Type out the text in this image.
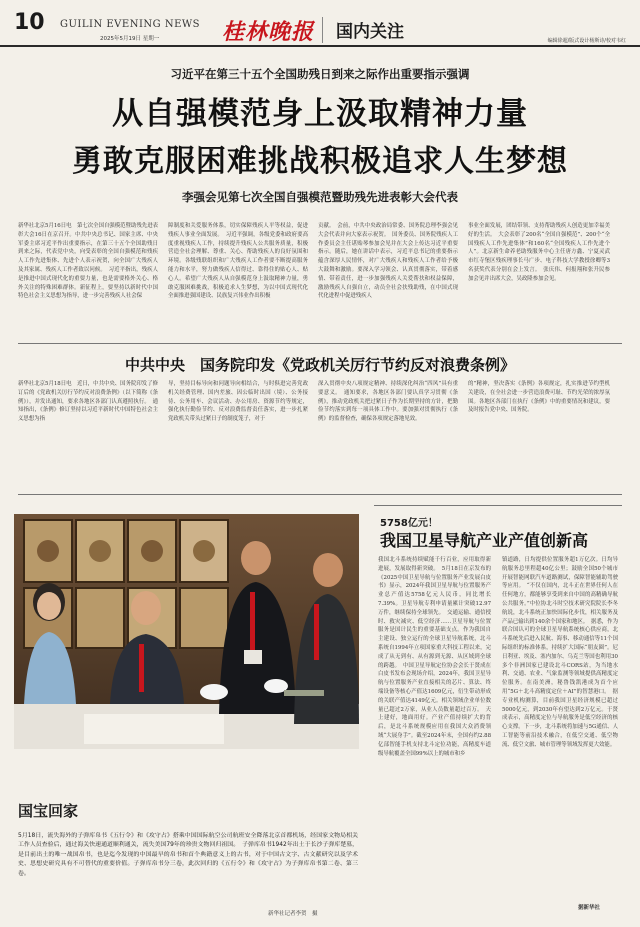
10 GUILIN EVENING NEWS
2025年5月19日 星期一	桂林晚报 国内关注	编辑徐超/版式设计杨斯诗/校对韦红
习近平在第三十五个全国助残日到来之际作出重要指示强调
从自强模范身上汲取精神力量
勇敢克服困难挑战积极追求人生梦想
李强会见第七次全国自强模范暨助残先进表彰大会代表
新华社北京5月16日电　第七次全国自强模范暨助残先进表彰大会16日在京召开。中共中央总书记、国家主席、中央军委主席习近平作出重要指示，在第三十五个全国助残日到来之际，代表党中央，向受表彰的全国自强模范和残疾人工作先进集体、先进个人表示祝贺，向全国广大残疾人及其家属、残疾人工作者致以问候。　习近平指出，残疾人是推进中国式现代化的重要力量，也是需要格外关心、格外关注的特殊困难群体。新征程上，要坚持以新时代中国特色社会主义思想为指导，进一步完善残疾人社会保
障制度和关爱服务体系，切实保障残疾人平等权益，促进残疾人事业全面发展。　习近平强调，各级党委和政府要高度重视残疾人工作，持续提升残疾人公共服务质量，积极营造全社会理解、尊重、关心、帮助残疾人的良好氛围和环境。各级残联组织和广大残疾人工作者要不断提高服务能力和水平，努力做残疾人信得过、靠得住的贴心人、贴心人。希望广大残疾人从自强模范身上汲取精神力量，勇敢克服困难挑战，积极追求人生梦想，为以中国式现代化全面推进强国建设、民族复兴伟业作出积极
贡献。　会前，中共中央政治局常委、国务院总理李强会见大会代表并向大家表示祝贺。　国务委员、国务院残疾人工作委员会主任谌贻琴参加会见并在大会上传达习近平重要指示。随后，她在讲话中表示，习近平总书记的重要指示蕴含深厚人民情怀，对广大残疾人和残疾人工作者给予极大鼓舞和激励。要深入学习领会、认真贯彻落实，带着感情、带着责任，进一步加强残疾人关爱帮扶和权益保障，激励残疾人自强自立，动员全社会扶残助残，在中国式现代化进程中促进残疾人
事业全面发展，团结带领、支持帮助残疾人创造更加幸福美好的生活。　大会表彰了200名“全国自强模范”、200个“全国残疾人工作先进集体”和160名“全国残疾人工作先进个人”。北京新生命养老助残服务中心主任唐方鑫、宁夏灵武市红寺堡区残疾理事长马广步、电子科技大学教授徐卿等3名获奖代表分别在会上发言。　张庆伟、何报翔和张升民参加会见并出席大会，吴政隆参加会见。
中共中央　国务院印发《党政机关厉行节约反对浪费条例》
新华社北京5月18日电　近日，中共中央、国务院印发了修订后的《党政机关厉行节约反对浪费条例》（以下简称《条例》），并发出通知，要求各地区各部门认真遵照执行。　通知指出，《条例》修订坚持以习近平新时代中国特色社会主义思想为指
导，坚持目标导向和问题导向相结合，与时俱进完善党政机关经费管理、国内差旅、因公临时出国（境）、公务接待、公务用车、会议活动、办公用房、资源节约等规定，强化执行勤俭节约、反对浪费监督责任落实，进一步扎紧党政机关带头过紧日子的制度笼子，对于
深入贯彻中央八项规定精神、持续深化纠治“四风”具有重要意义。　通知要求，各地区各部门要认真学习贯彻《条例》，推动党政机关把过紧日子作为长期坚持的方针，把勤俭节约落实到每一项具体工作中。要加强对贯彻执行《条例》的监督检查，确保各项规定落地见效。
的”精神，坚决落实《条例》各项规定，扎实推进节约型机关建设，在全社会进一步营造浪费可耻、节约光荣的浓厚氛围。各地区各部门在执行《条例》中的重要情况和建议，要及时报告党中央、国务院。
国宝回家
5月18日，流失海外的子弹库帛书《五行令》和《攻守占》搭乘中国国际航空公司航班安全降落北京首都机场，经国家文物局相关工作人员查验后，通过海关快速通道顺利通关，流失美国79年的珍贵文物回归祖国。　子弹库帛书1942年出土于长沙子弹库楚墓，是目前出土的唯一战国帛书，也是迄今发现的中国最早的帛书和首个典籍意义上的古书，对于中国古文字、古文献研究以及学术史、思想史研究具有不可替代的重要价值。子弹库帛书分三卷，此次回归的《五行令》和《攻守占》为子弹库帛书第二卷、第三卷。
新华社记者李贺　摄
5758亿元！
我国卫星导航产业产值创新高
我国北斗系统持续赋能千行百业，应用取得新进展，发展取得新突破。　5月18日在京发布的《2025中国卫星导航与位置服务产业发展白皮书》显示，2024年我国卫星导航与位置服务产业总产值达5758亿元人民币，同比增长7.39%。卫星导航专利申请量累计突破12.97万件，继续保持全球领先。　交通运输、通信授时、救灾减灾、低空经济……卫星导航与位置服务是国计民生的重要基础支点。作为我国自主建设、独立运行的全球卫星导航系统，北斗系统自1994年立项国家重大科技工程以来，完成了从无到有、从有源到无源、从区域到全球的跨越。　中国卫星导航定位协会会长于贤成在白皮书发布会现场介绍，2024年，我国卫星导航与位置服务产业直接相关的芯片、算法、终端设备等核心产值达1609亿元，衍生带动形成的关联产值达4149亿元。相关领域企业单位数量已超过2万家，从业人员数量超过百万。　天上建好，地面用好。产业产值持续扩大的背后，是北斗系统规模应用在我国大众消费领域“大展身手”。截至2024年末，全国有约2.88亿部智能手机支持北斗定位功能，高精度车道级导航覆盖全国99%以上的城市和乡
镇道路，日均提供位置服务超1万亿次。日均导航服务总里程超40亿公里；鼓励全国50个城市开展智能网联汽车道路测试，保障智能辅助驾驶等应用。　“不仅在国内，北斗正在世界任何人在任何地方，都能够享受到来自中国的高精确导航公共服务。”中位协北斗时空技术研究院院长李冬航说，北斗系统正加快国际化步伐，相关服务及产品已输出到140余个国家和地区。　据悉，作为联合国认可的全球卫星导航系统核心供应商，北斗系统先后进入民航、海事、移动通信等11个国际组织的标准体系，持续扩大国际“朋友圈”。尼日利亚、埃及、塞内加尔、乌克兰等国也利用30多个非洲国家已建设北斗CORS站，为当地水利、交通、农业、气象监测等领域提供高精度定位服务。在南美洲，秘鲁钱凯港成为首个应用“5G＋北斗高精度定位＋AI”的智慧港口。　据专业机构测算，目前我国卫星经济规模已超过5000亿元，到2030年有望达到2万亿元。于贤成表示，高精度定位与导航服务是低空经济的核心支撑。下一步，北斗系统将加速与5G通信、人工智能等前沿技术融合，在低空交通、低空物流、低空文旅、城市管理等领域发挥更大效能。
据新华社
